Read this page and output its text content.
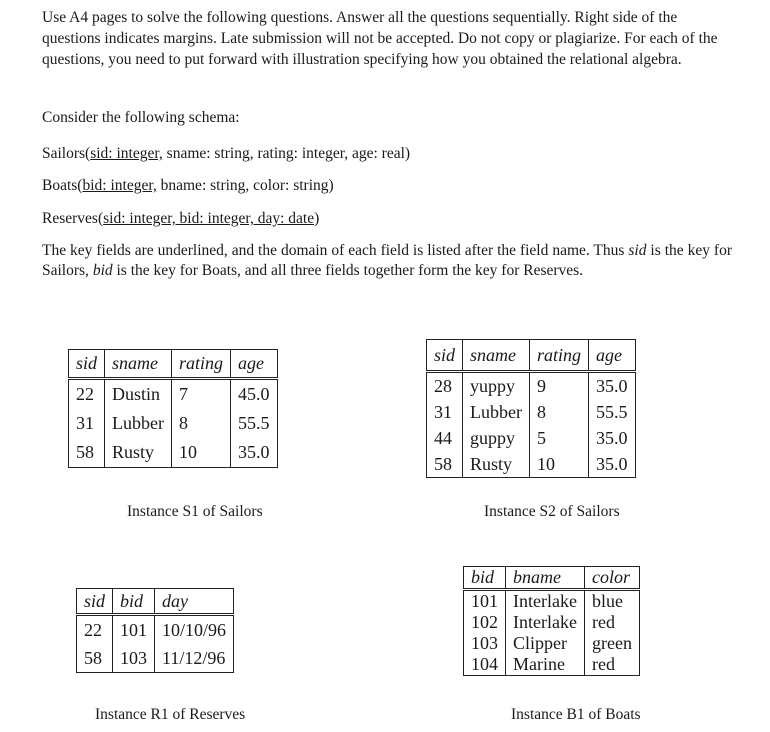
Use A4 pages to solve the following questions. Answer all the questions sequentially. Right side of the questions indicates margins. Late submission will not be accepted. Do not copy or plagiarize. For each of the questions, you need to put forward with illustration specifying how you obtained the relational algebra.
Consider the following schema:
Sailors(sid: integer, sname: string, rating: integer, age: real)
Boats(bid: integer, bname: string, color: string)
Reserves(sid: integer, bid: integer, day: date)
The key fields are underlined, and the domain of each field is listed after the field name. Thus sid is the key for Sailors, bid is the key for Boats, and all three fields together form the key for Reserves.
sid	sname	rating	age
22	Dustin	7	45.0
31	Lubber	8	55.5
58	Rusty	10	35.0
sid	sname	rating	age
28	yuppy	9	35.0
31	Lubber	8	55.5
44	guppy	5	35.0
58	Rusty	10	35.0
Instance S1 of Sailors	Instance S2 of Sailors
sid	bid	day
22	101	10/10/96
58	103	11/12/96
bid	bname	color
101	Interlake	blue
102	Interlake	red
103	Clipper	green
104	Marine	red
Instance R1 of Reserves	Instance B1 of Boats
